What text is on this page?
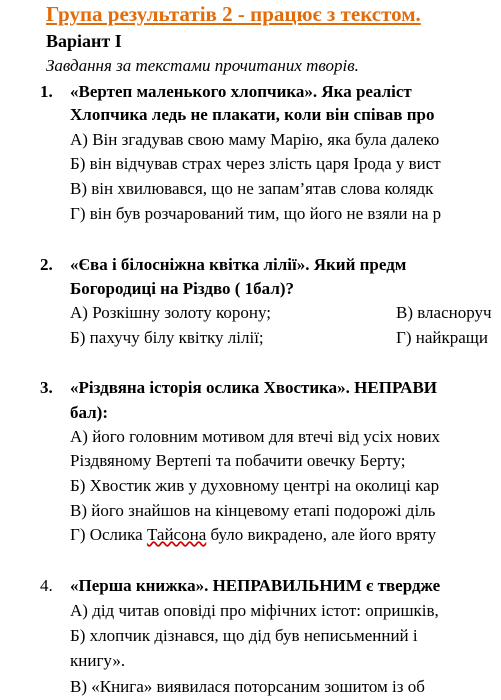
Група результатів 2 - працює з текстом.
Варіант І
Завдання за текстами прочитаних творів.
1. «Вертеп маленького хлопчика». Яка реаліст
Хлопчика ледь не плакати, коли він співав про
А) Він згадував свою маму Марію, яка була далеко
Б) він відчував страх через злість царя Ірода у вист
В) він хвилювався, що не запам’ятав слова колядк
Г) він був розчарований тим, що його не взяли на р
2. «Єва і білосніжна квітка лілії». Який предм
Богородиці на Різдво ( 1бал)?
А) Розкішну золоту корону;	В) власноруч
Б) пахучу білу квітку лілії;	Г) найкращи
3. «Різдвяна історія ослика Хвостика». НЕПРАВИ
бал):
А) його головним мотивом для втечі від усіх нових
Різдвяному Вертепі та побачити овечку Берту;
Б) Хвостик жив у духовному центрі на околиці кар
В) його знайшов на кінцевому етапі подорожі діль
Г) Ослика Тайсона було викрадено, але його вряту
4. «Перша книжка». НЕПРАВИЛЬНИМ є твердже
А) дід читав оповіді про міфічних істот: опришків,
Б) хлопчик дізнався, що дід був неписьменний і
книгу».
В) «Книга» виявилася поторсаним зошитом із об
